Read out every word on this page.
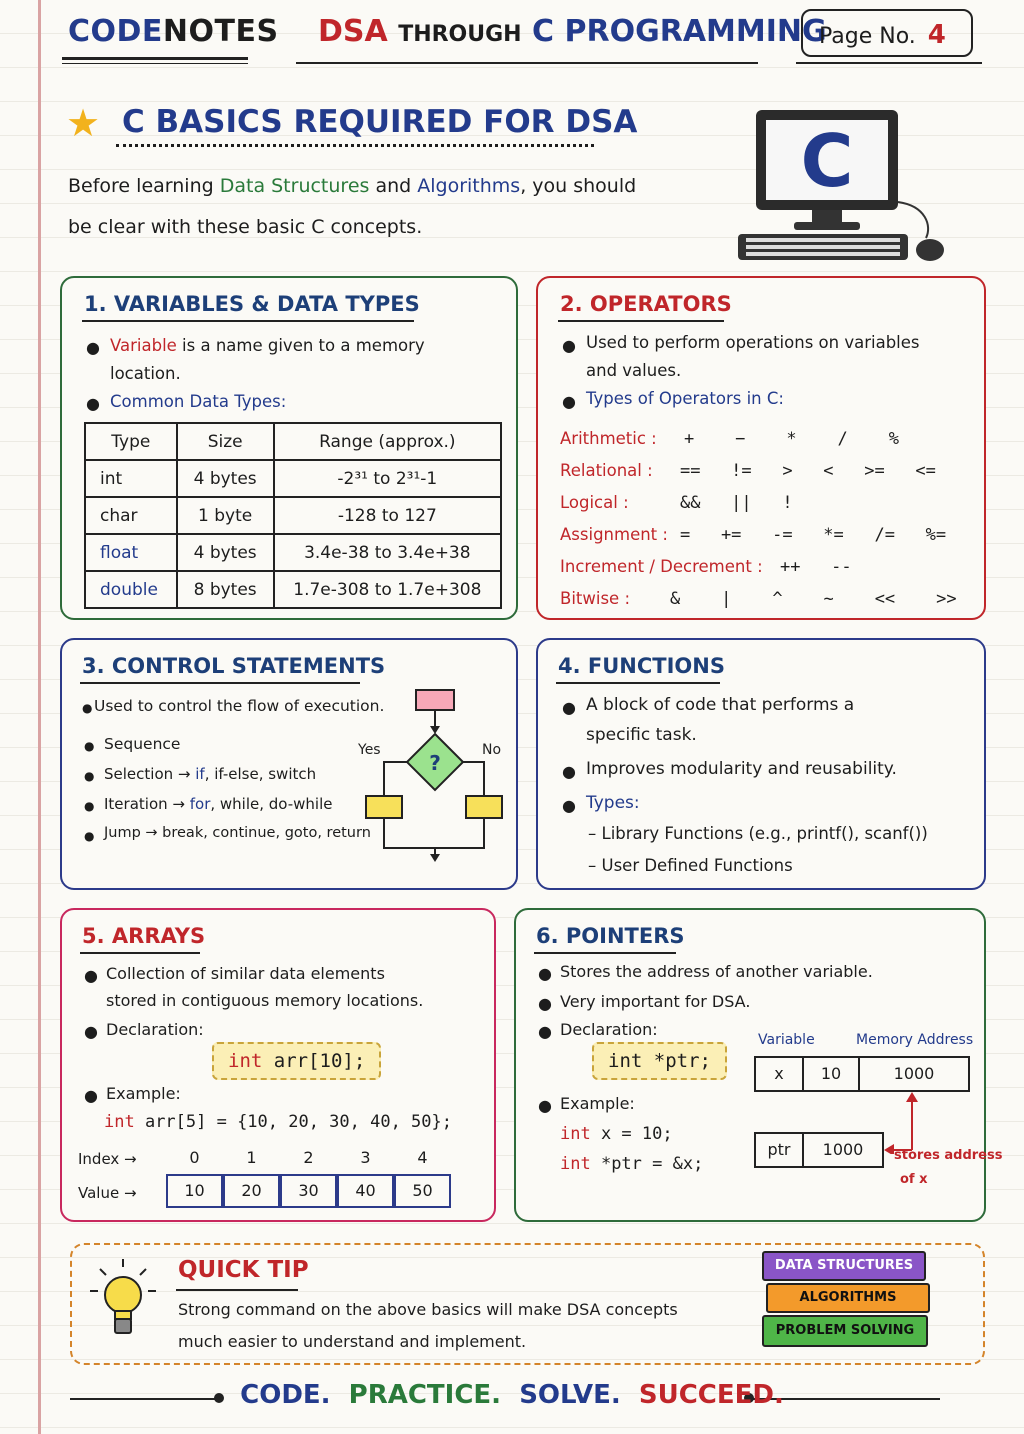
CODENOTES DSA THROUGH C PROGRAMMING
Page No. 4
★ C BASICS REQUIRED FOR DSA
Before learning Data Structures and Algorithms, you should
be clear with these basic C concepts.
C
1. VARIABLES & DATA TYPES
● Variable is a name given to a memory
location.
● Common Data Types:
Type	Size	Range (approx.)
int	4 bytes	-2³¹ to 2³¹-1
char	1 byte	-128 to 127
float	4 bytes	3.4e-38 to 3.4e+38
double	8 bytes	1.7e-308 to 1.7e+308
2. OPERATORS
● Used to perform operations on variables
and values.
● Types of Operators in C:
Arithmetic : +    −    *    /    %
Relational : ==   !=   >   <   >=   <=
Logical :	&&   ||   !
Assignment : =   +=   -=   *=   /=   %=
Increment / Decrement : ++   --
Bitwise : &    |    ^    ~    <<    >>
3. CONTROL STATEMENTS
● Used to control the flow of execution.
● Sequence
● Selection → if, if-else, switch
● Iteration → for, while, do-while
● Jump → break, continue, goto, return
?
Yes	No
4. FUNCTIONS
● A block of code that performs a
specific task.
● Improves modularity and reusability.
● Types:
– Library Functions (e.g., printf(), scanf())
– User Defined Functions
5. ARRAYS
● Collection of similar data elements
stored in contiguous memory locations.
● Declaration:
int arr[10];
● Example:
int arr[5] = {10, 20, 30, 40, 50};
Index →
Value →
0	1	2	3	4
10	20	30	40	50
6. POINTERS
● Stores the address of another variable.
● Very important for DSA.
● Declaration:
int *ptr;
● Example:
int x = 10;
int *ptr = &x;
Variable	Memory Address
x	10	1000
ptr	1000	stores address
of x
QUICK TIP
Strong command on the above basics will make DSA concepts
much easier to understand and implement.
DATA STRUCTURES
ALGORITHMS
PROBLEM SOLVING
CODE. PRACTICE. SOLVE. SUCCEED.
